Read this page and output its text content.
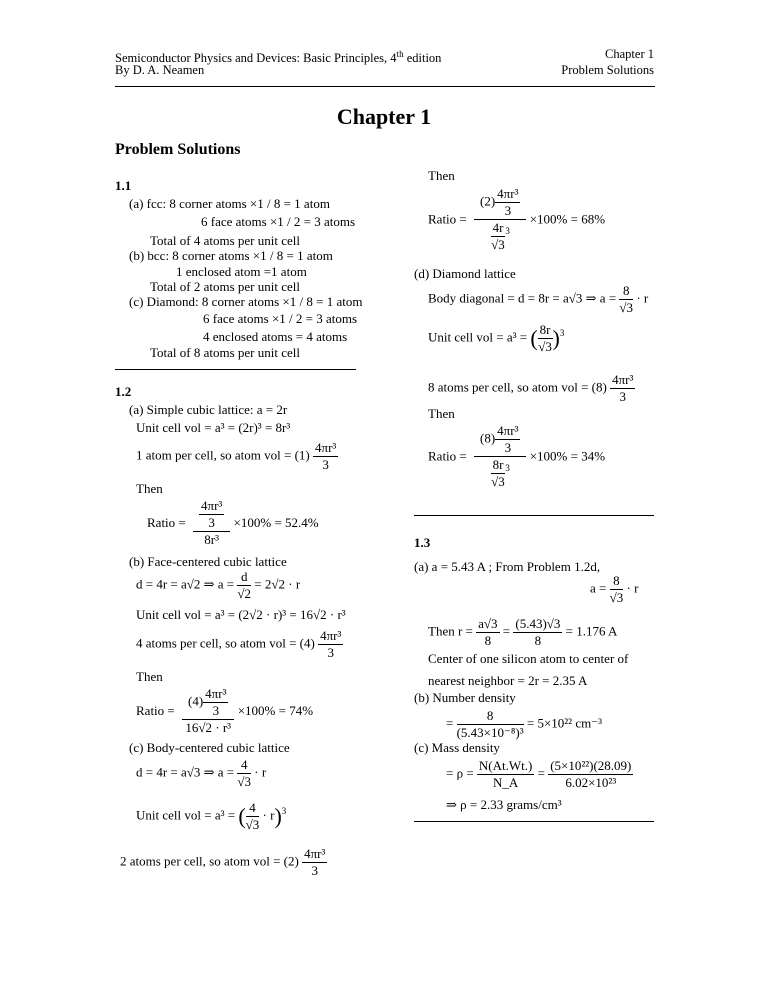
Semiconductor Physics and Devices: Basic Principles, 4th edition
By D. A. Neamen
Chapter 1
Problem Solutions
Chapter 1
Problem Solutions
1.1
(a) fcc: 8 corner atoms ×1 / 8 = 1 atom
6 face atoms ×1 / 2 = 3 atoms
Total of 4 atoms per unit cell
(b) bcc: 8 corner atoms ×1 / 8 = 1 atom
1 enclosed atom =1 atom
Total of 2 atoms per unit cell
(c) Diamond: 8 corner atoms ×1 / 8 = 1 atom
6 face atoms ×1 / 2 = 3 atoms
4 enclosed atoms = 4 atoms
Total of 8 atoms per unit cell
1.2
(a) Simple cubic lattice: a = 2r
Unit cell vol = a³ = (2r)³ = 8r³
1 atom per cell, so atom vol = $(1) \frac{\text{4πr³}}{3}$
Then
Ratio = $\frac{\frac{\text{4πr³}}{3}}{\text{8r³}} \times 100\% = 52.4\%$
(b) Face-centered cubic lattice
d = 4r = a√2 ⇒ $a = \frac{d}{√2} = 2√2 \cdot r$
Unit cell vol = a³ = (2√2 · r)³ = 16√2 · r³
4 atoms per cell, so atom vol = $(4) \frac{\text{4πr³}}{3}$
Then
Ratio = $\frac{(4) \frac{\text{4πr³}}{3}}{\text{16√2 · r³}} \times 100\% = 74\%$
(c) Body-centered cubic lattice
d = 4r = a√3 ⇒ $a = \frac{4}{√3} \cdot r$
Unit cell vol = a³ = ( $\frac{4}{√3} \cdot r)^3$
2 atoms per cell, so atom vol = $(2) \frac{\text{4πr³}}{3}$
Then
Ratio = $\frac{(2) \frac{\text{4πr³}}{3}}{\frac{4r}{√3} ^3} \times 100\% = 68\%$
(d) Diamond lattice
Body diagonal = d = 8r = a√3 ⇒ $a = \frac{8}{√3} \cdot r$
Unit cell vol = a³ = ( $\frac{8r}{√3} )^3$
8 atoms per cell, so atom vol = $(8) \frac{\text{4πr³}}{3}$
Then
Ratio = $\frac{(8) \frac{\text{4πr³}}{3}}{\frac{8r}{√3} ^3} \times 100\% = 34\%$
1.3
(a) a = 5.43 A ; From Problem 1.2d,
$a = \frac{8}{√3} \cdot r$
Then $r = \frac{a√3}{8} = \frac{(5.43)√3}{8} = 1.176$ A
Center of one silicon atom to center of
nearest neighbor = 2r = 2.35 A
(b) Number density
= $\frac{8}{\text{(5.43×10⁻⁸)³}} = 5\times 10^{22}$ cm⁻³
(c) Mass density
= $\rho = \frac{N(At.Wt.)}{N\_A} = \frac{\text{(5×10²²)(28.09)}}{\text{6.02×10²³}}$
⇒ ρ = 2.33 grams/cm³
